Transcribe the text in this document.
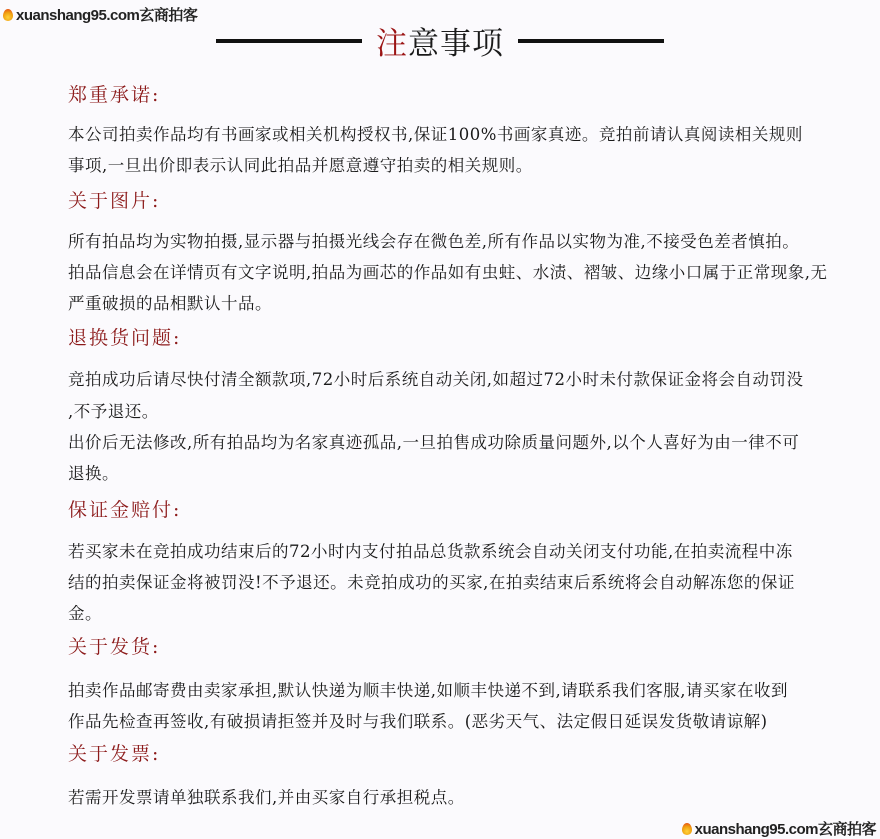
xuanshang95.com玄商拍客
注意事项
郑重承诺:
本公司拍卖作品均有书画家或相关机构授权书,保证100%书画家真迹。竞拍前请认真阅读相关规则
事项,一旦出价即表示认同此拍品并愿意遵守拍卖的相关规则。
关于图片:
所有拍品均为实物拍摄,显示器与拍摄光线会存在微色差,所有作品以实物为准,不接受色差者慎拍。
拍品信息会在详情页有文字说明,拍品为画芯的作品如有虫蛀、水渍、褶皱、边缘小口属于正常现象,无
严重破损的品相默认十品。
退换货问题:
竞拍成功后请尽快付清全额款项,72小时后系统自动关闭,如超过72小时未付款保证金将会自动罚没
,不予退还。
出价后无法修改,所有拍品均为名家真迹孤品,一旦拍售成功除质量问题外,以个人喜好为由一律不可
退换。
保证金赔付:
若买家未在竞拍成功结束后的72小时内支付拍品总货款系统会自动关闭支付功能,在拍卖流程中冻
结的拍卖保证金将被罚没!不予退还。未竞拍成功的买家,在拍卖结束后系统将会自动解冻您的保证
金。
关于发货:
拍卖作品邮寄费由卖家承担,默认快递为顺丰快递,如顺丰快递不到,请联系我们客服,请买家在收到
作品先检查再签收,有破损请拒签并及时与我们联系。(恶劣天气、法定假日延误发货敬请谅解)
关于发票:
若需开发票请单独联系我们,并由买家自行承担税点。
xuanshang95.com玄商拍客
